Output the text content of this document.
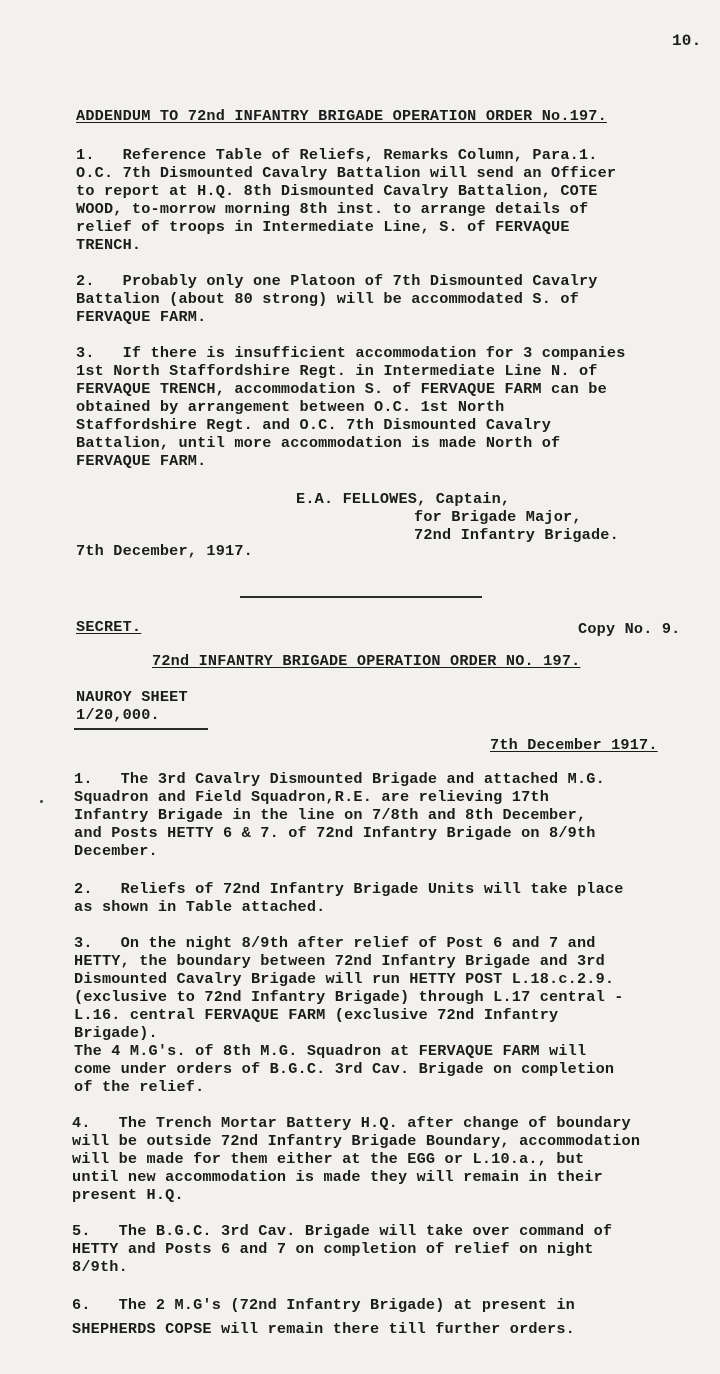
10.
ADDENDUM TO 72nd INFANTRY BRIGADE OPERATION ORDER No.197.
1.   Reference Table of Reliefs, Remarks Column, Para.1.
O.C. 7th Dismounted Cavalry Battalion will send an Officer
to report at H.Q. 8th Dismounted Cavalry Battalion, COTE
WOOD, to-morrow morning 8th inst. to arrange details of
relief of troops in Intermediate Line, S. of FERVAQUE
TRENCH.
2.   Probably only one Platoon of 7th Dismounted Cavalry
Battalion (about 80 strong) will be accommodated S. of
FERVAQUE FARM.
3.   If there is insufficient accommodation for 3 companies
1st North Staffordshire Regt. in Intermediate Line N. of
FERVAQUE TRENCH, accommodation S. of FERVAQUE FARM can be
obtained by arrangement between O.C. 1st North
Staffordshire Regt. and O.C. 7th Dismounted Cavalry
Battalion, until more accommodation is made North of
FERVAQUE FARM.
E.A. FELLOWES, Captain,
for Brigade Major,
72nd Infantry Brigade.
7th December, 1917.
SECRET.	Copy No. 9.
72nd INFANTRY BRIGADE OPERATION ORDER NO. 197.
NAUROY SHEET
1/20,000.
7th December 1917.
1.   The 3rd Cavalry Dismounted Brigade and attached M.G.
Squadron and Field Squadron,R.E. are relieving 17th
Infantry Brigade in the line on 7/8th and 8th December,
and Posts HETTY 6 & 7. of 72nd Infantry Brigade on 8/9th
December.
2.   Reliefs of 72nd Infantry Brigade Units will take place
as shown in Table attached.
3.   On the night 8/9th after relief of Post 6 and 7 and
HETTY, the boundary between 72nd Infantry Brigade and 3rd
Dismounted Cavalry Brigade will run HETTY POST L.18.c.2.9.
(exclusive to 72nd Infantry Brigade) through L.17 central -
L.16. central FERVAQUE FARM (exclusive 72nd Infantry
Brigade).
The 4 M.G's. of 8th M.G. Squadron at FERVAQUE FARM will
come under orders of B.G.C. 3rd Cav. Brigade on completion
of the relief.
4.   The Trench Mortar Battery H.Q. after change of boundary
will be outside 72nd Infantry Brigade Boundary, accommodation
will be made for them either at the EGG or L.10.a., but
until new accommodation is made they will remain in their
present H.Q.
5.   The B.G.C. 3rd Cav. Brigade will take over command of
HETTY and Posts 6 and 7 on completion of relief on night
8/9th.
6.   The 2 M.G's (72nd Infantry Brigade) at present in
SHEPHERDS COPSE will remain there till further orders.
